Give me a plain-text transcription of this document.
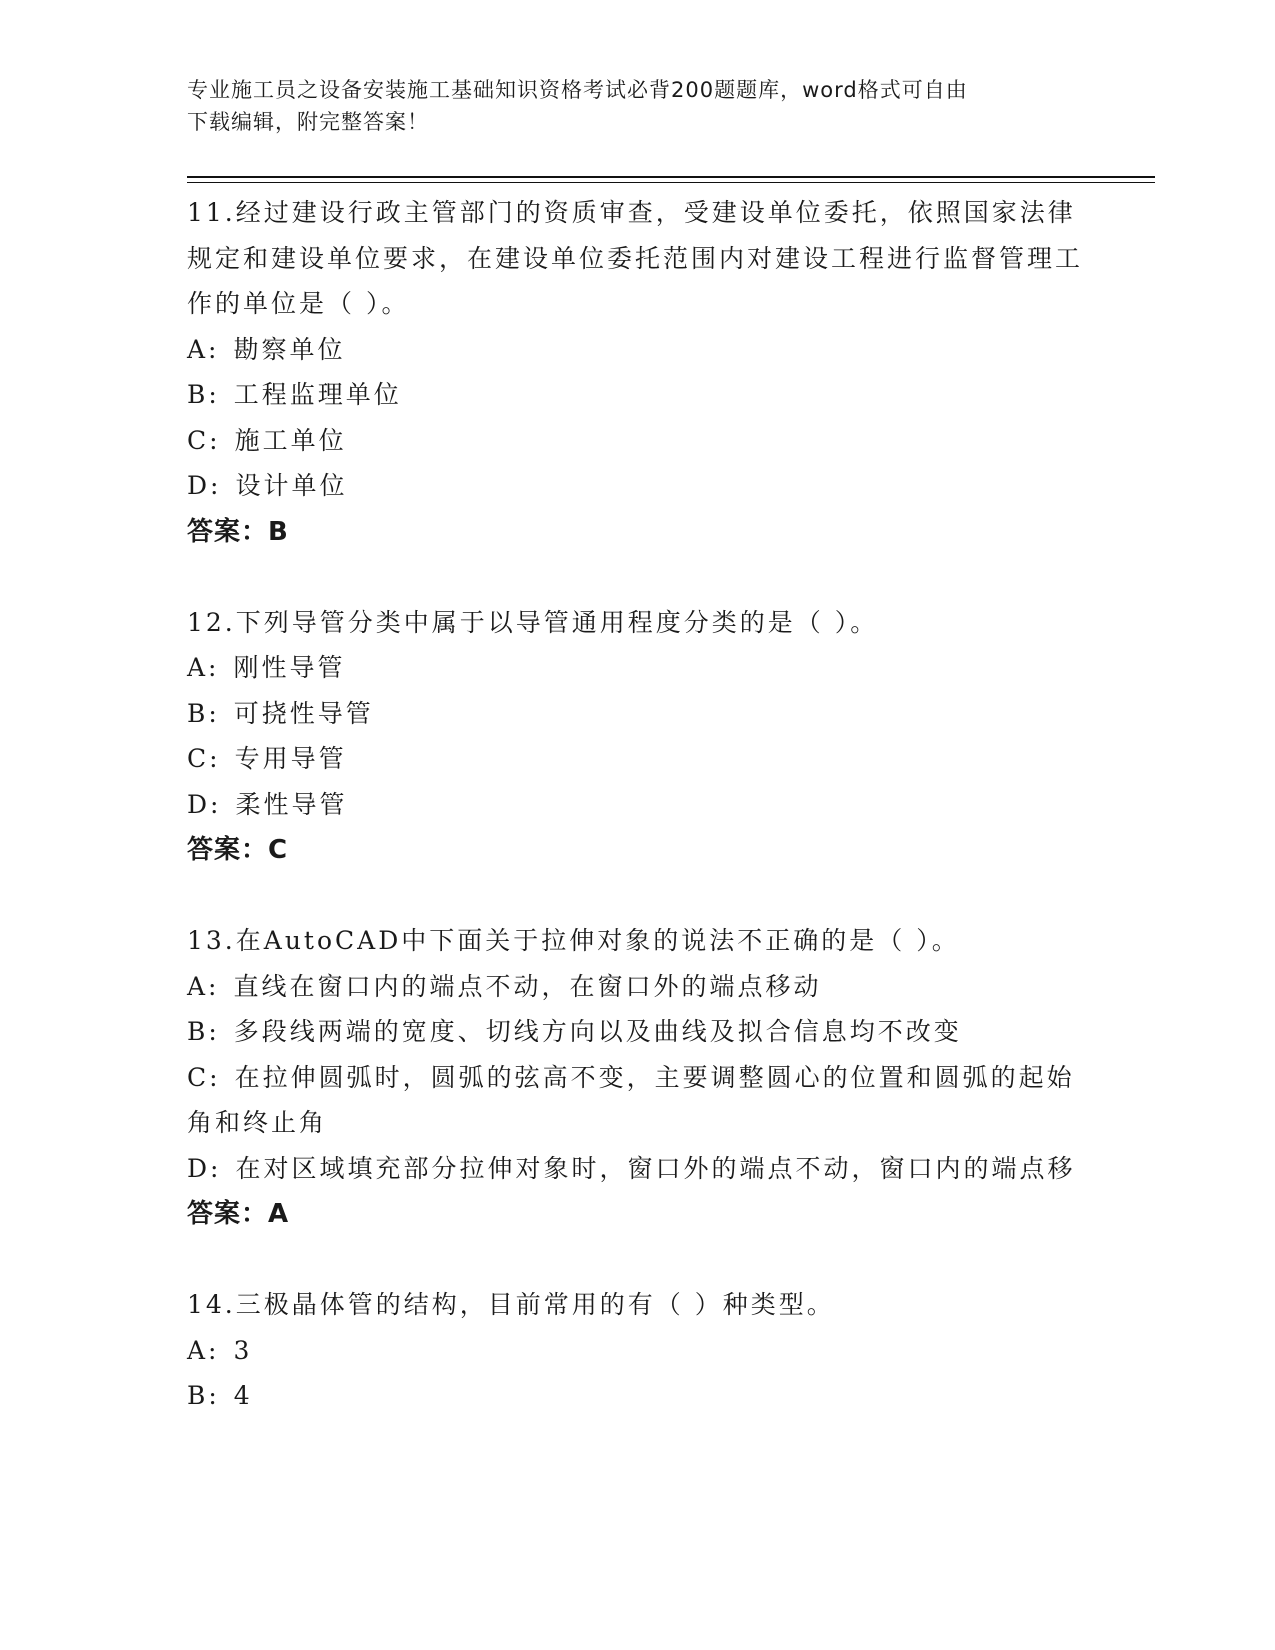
专业施工员之设备安装施工基础知识资格考试必背200题题库，word格式可自由
下载编辑，附完整答案！
11.经过建设行政主管部门的资质审查，受建设单位委托，依照国家法律规定和建设单位要求，在建设单位委托范围内对建设工程进行监督管理工作的单位是（ ）。
A: 勘察单位
B: 工程监理单位
C: 施工单位
D: 设计单位
答案：B
12.下列导管分类中属于以导管通用程度分类的是（ ）。
A: 刚性导管
B: 可挠性导管
C: 专用导管
D: 柔性导管
答案：C
13.在AutoCAD中下面关于拉伸对象的说法不正确的是（ ）。
A: 直线在窗口内的端点不动，在窗口外的端点移动
B: 多段线两端的宽度、切线方向以及曲线及拟合信息均不改变
C: 在拉伸圆弧时，圆弧的弦高不变，主要调整圆心的位置和圆弧的起始角和终止角
D: 在对区域填充部分拉伸对象时，窗口外的端点不动，窗口内的端点移
答案：A
14.三极晶体管的结构，目前常用的有（ ）种类型。
A: 3
B: 4
